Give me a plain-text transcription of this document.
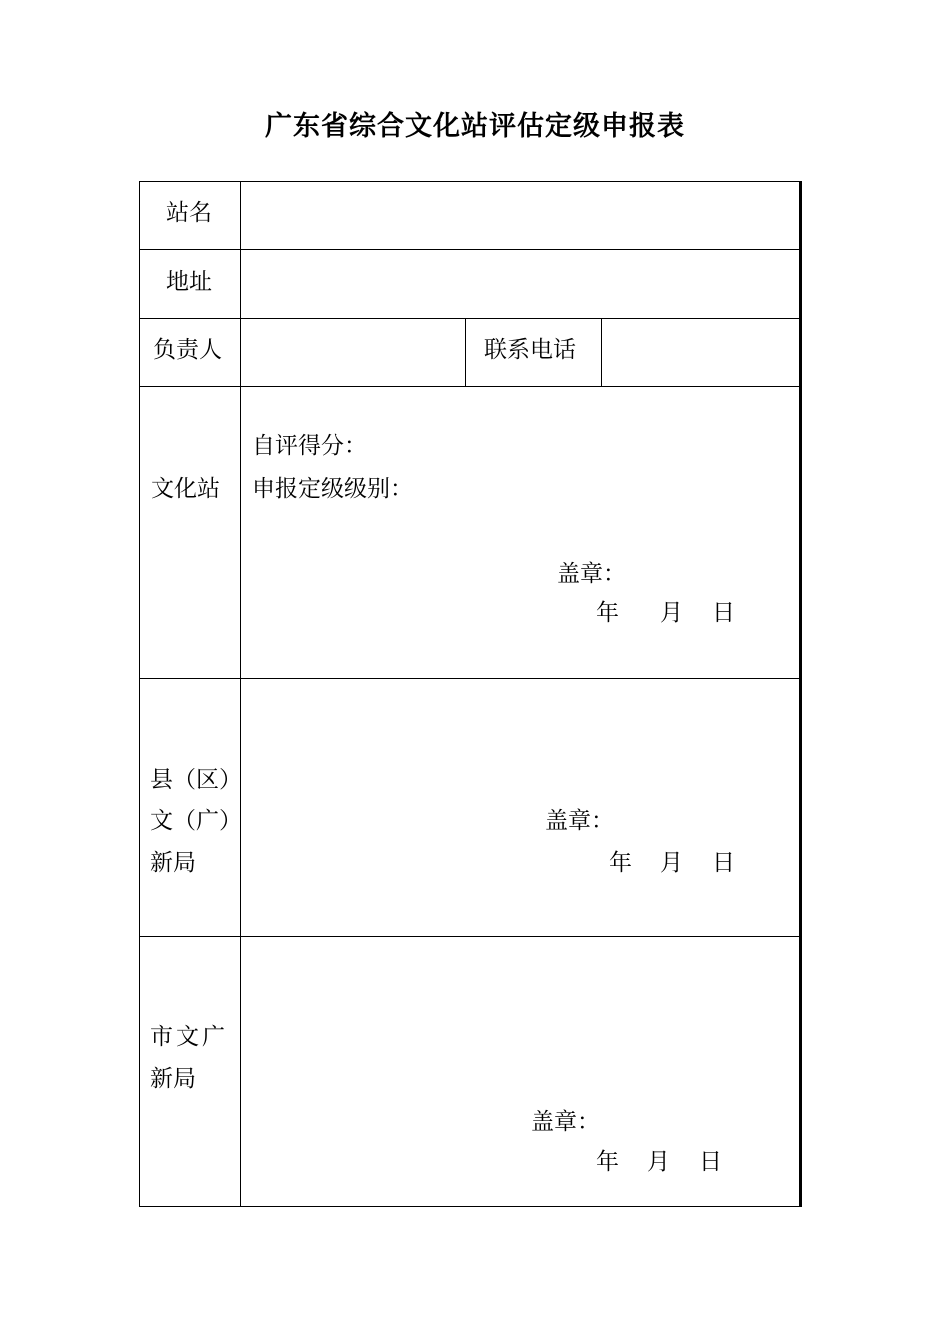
广东省综合文化站评估定级申报表
站名
地址
负责人	联系电话
文化站
自评得分：
申报定级级别：
盖章：
年 月 日
县（区）
文（广）
新局
盖章：
年 月 日
市文广
新局
盖章：
年 月 日
